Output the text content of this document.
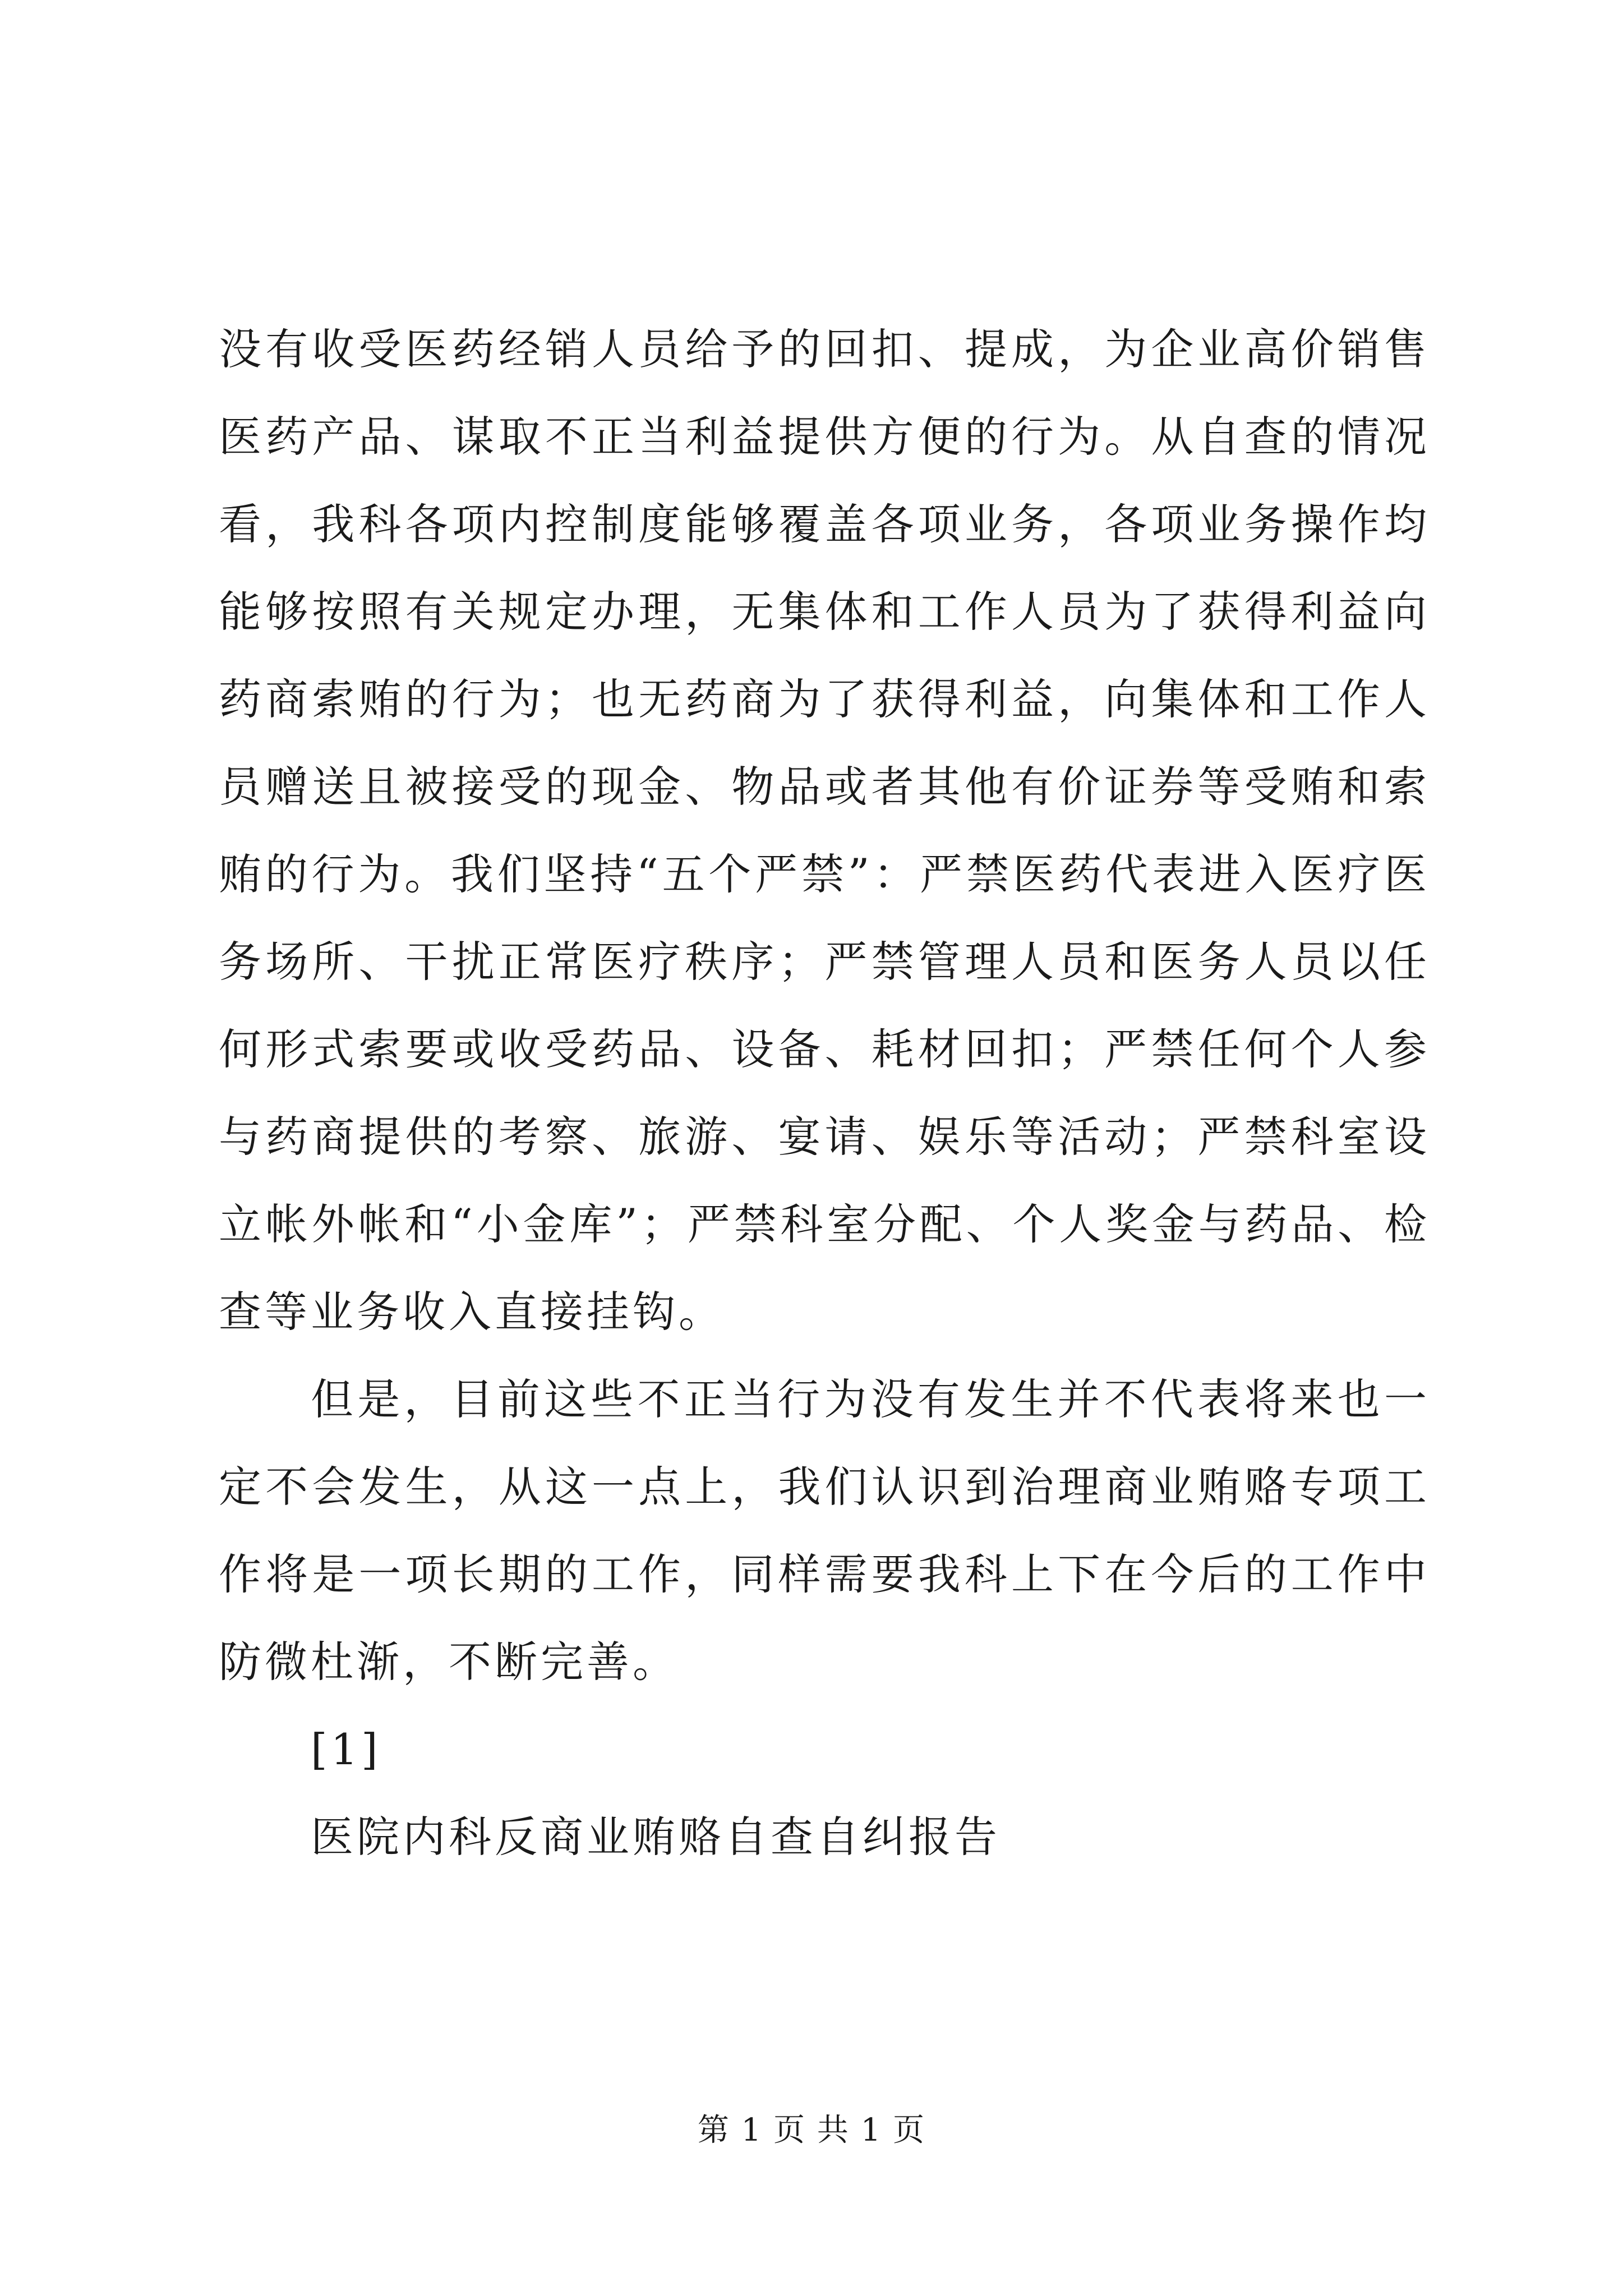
没有收受医药经销人员给予的回扣、提成，为企业高价销售医药产品、谋取不正当利益提供方便的行为。从自查的情况看，我科各项内控制度能够覆盖各项业务，各项业务操作均能够按照有关规定办理，无集体和工作人员为了获得利益向药商索贿的行为；也无药商为了获得利益，向集体和工作人员赠送且被接受的现金、物品或者其他有价证券等受贿和索贿的行为。我们坚持“五个严禁”：严禁医药代表进入医疗医务场所、干扰正常医疗秩序；严禁管理人员和医务人员以任何形式索要或收受药品、设备、耗材回扣；严禁任何个人参与药商提供的考察、旅游、宴请、娱乐等活动；严禁科室设立帐外帐和“小金库”；严禁科室分配、个人奖金与药品、检查等业务收入直接挂钩。

但是，目前这些不正当行为没有发生并不代表将来也一定不会发生，从这一点上，我们认识到治理商业贿赂专项工作将是一项长期的工作，同样需要我科上下在今后的工作中防微杜渐，不断完善。

[1]

医院内科反商业贿赂自查自纠报告

第 1 页 共 1 页
